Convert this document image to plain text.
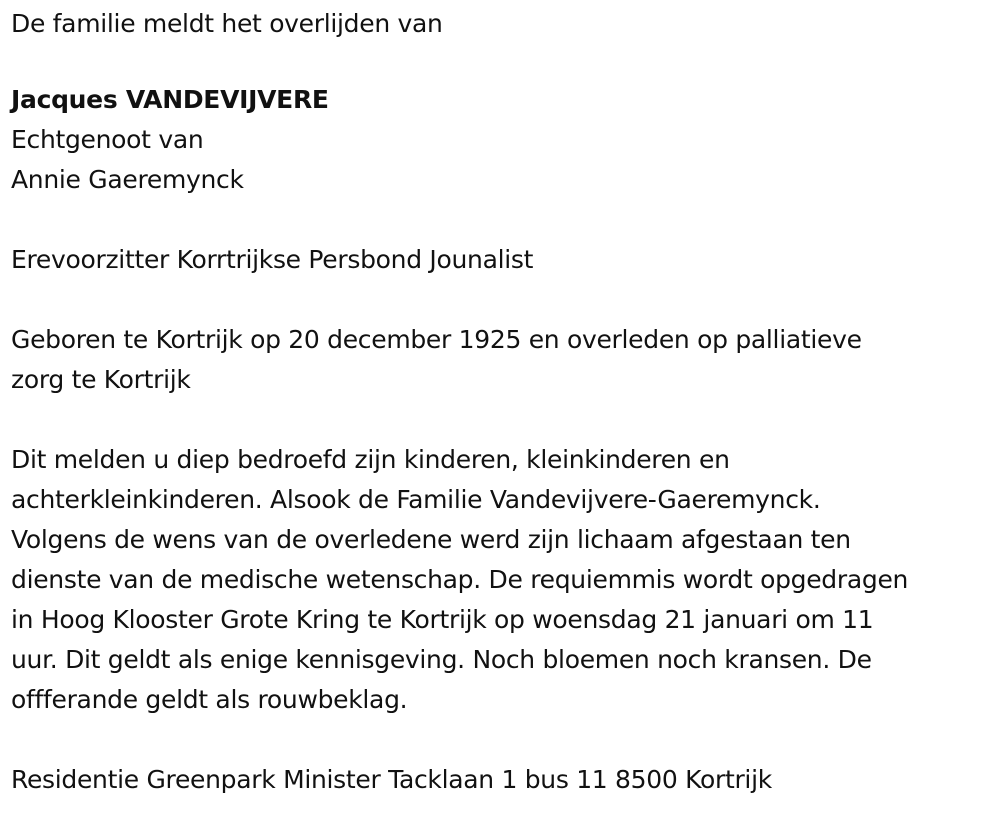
De familie meldt het overlijden van

Jacques VANDEVIJVERE

Echtgenoot van

Annie Gaeremynck

Erevoorzitter Korrtrijkse Persbond Jounalist

Geboren te Kortrijk op 20 december 1925 en overleden op palliatieve

zorg te Kortrijk

Dit melden u diep bedroefd zijn kinderen, kleinkinderen en

achterkleinkinderen. Alsook de Familie Vandevijvere-Gaeremynck.

Volgens de wens van de overledene werd zijn lichaam afgestaan ten

dienste van de medische wetenschap. De requiemmis wordt opgedragen

in Hoog Klooster Grote Kring te Kortrijk op woensdag 21 januari om 11

uur. Dit geldt als enige kennisgeving. Noch bloemen noch kransen. De

offferande geldt als rouwbeklag.

Residentie Greenpark Minister Tacklaan 1 bus 11 8500 Kortrijk
